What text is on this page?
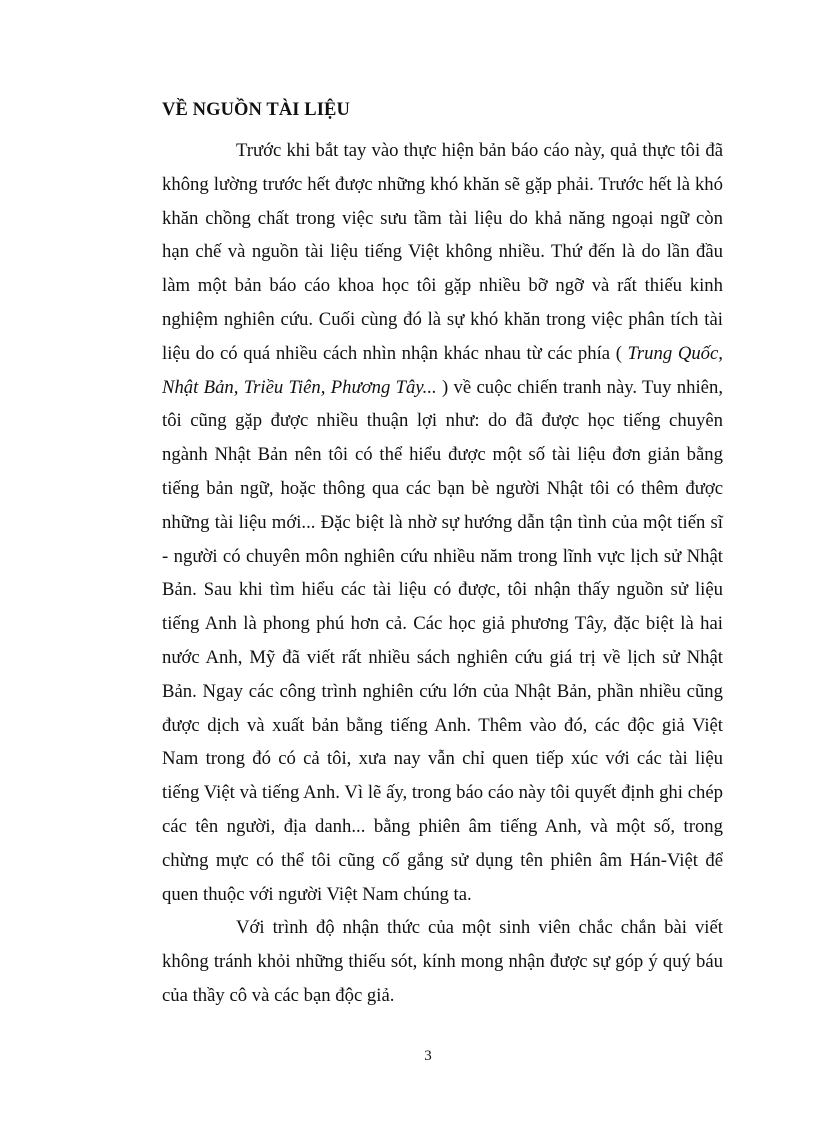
VỀ NGUỒN TÀI LIỆU

Trước khi bắt tay vào thực hiện bản báo cáo này, quả thực tôi đã không lường trước hết được những khó khăn sẽ gặp phải. Trước hết là khó khăn chồng chất trong việc sưu tầm tài liệu do khả năng ngoại ngữ còn hạn chế và nguồn tài liệu tiếng Việt không nhiều. Thứ đến là do lần đầu làm một bản báo cáo khoa học tôi gặp nhiều bỡ ngỡ và rất thiếu kinh nghiệm nghiên cứu. Cuối cùng đó là sự khó khăn trong việc phân tích tài liệu do có quá nhiều cách nhìn nhận khác nhau từ các phía ( Trung Quốc, Nhật Bản, Triều Tiên, Phương Tây... ) về cuộc chiến tranh này. Tuy nhiên, tôi cũng gặp được nhiều thuận lợi như: do đã được học tiếng chuyên ngành Nhật Bản nên tôi có thể hiểu được một số tài liệu đơn giản bằng tiếng bản ngữ, hoặc thông qua các bạn bè người Nhật tôi có thêm được những tài liệu mới... Đặc biệt là nhờ sự hướng dẫn tận tình của một tiến sĩ - người có chuyên môn nghiên cứu nhiều năm trong lĩnh vực lịch sử Nhật Bản. Sau khi tìm hiểu các tài liệu có được, tôi nhận thấy nguồn sử liệu tiếng Anh là phong phú hơn cả. Các học giả phương Tây, đặc biệt là hai nước Anh, Mỹ đã viết rất nhiều sách nghiên cứu giá trị về lịch sử Nhật Bản. Ngay các công trình nghiên cứu lớn của Nhật Bản, phần nhiều cũng được dịch và xuất bản bằng tiếng Anh. Thêm vào đó, các độc giả Việt Nam trong đó có cả tôi, xưa nay vẫn chỉ quen tiếp xúc với các tài liệu tiếng Việt và tiếng Anh. Vì lẽ ấy, trong báo cáo này tôi quyết định ghi chép các tên người, địa danh... bằng phiên âm tiếng Anh, và một số, trong chừng mực có thể tôi cũng cố gắng sử dụng tên phiên âm Hán-Việt để quen thuộc với người Việt Nam chúng ta.

Với trình độ nhận thức của một sinh viên chắc chắn bài viết không tránh khỏi những thiếu sót, kính mong nhận được sự góp ý quý báu của thầy cô và các bạn độc giả.

3
